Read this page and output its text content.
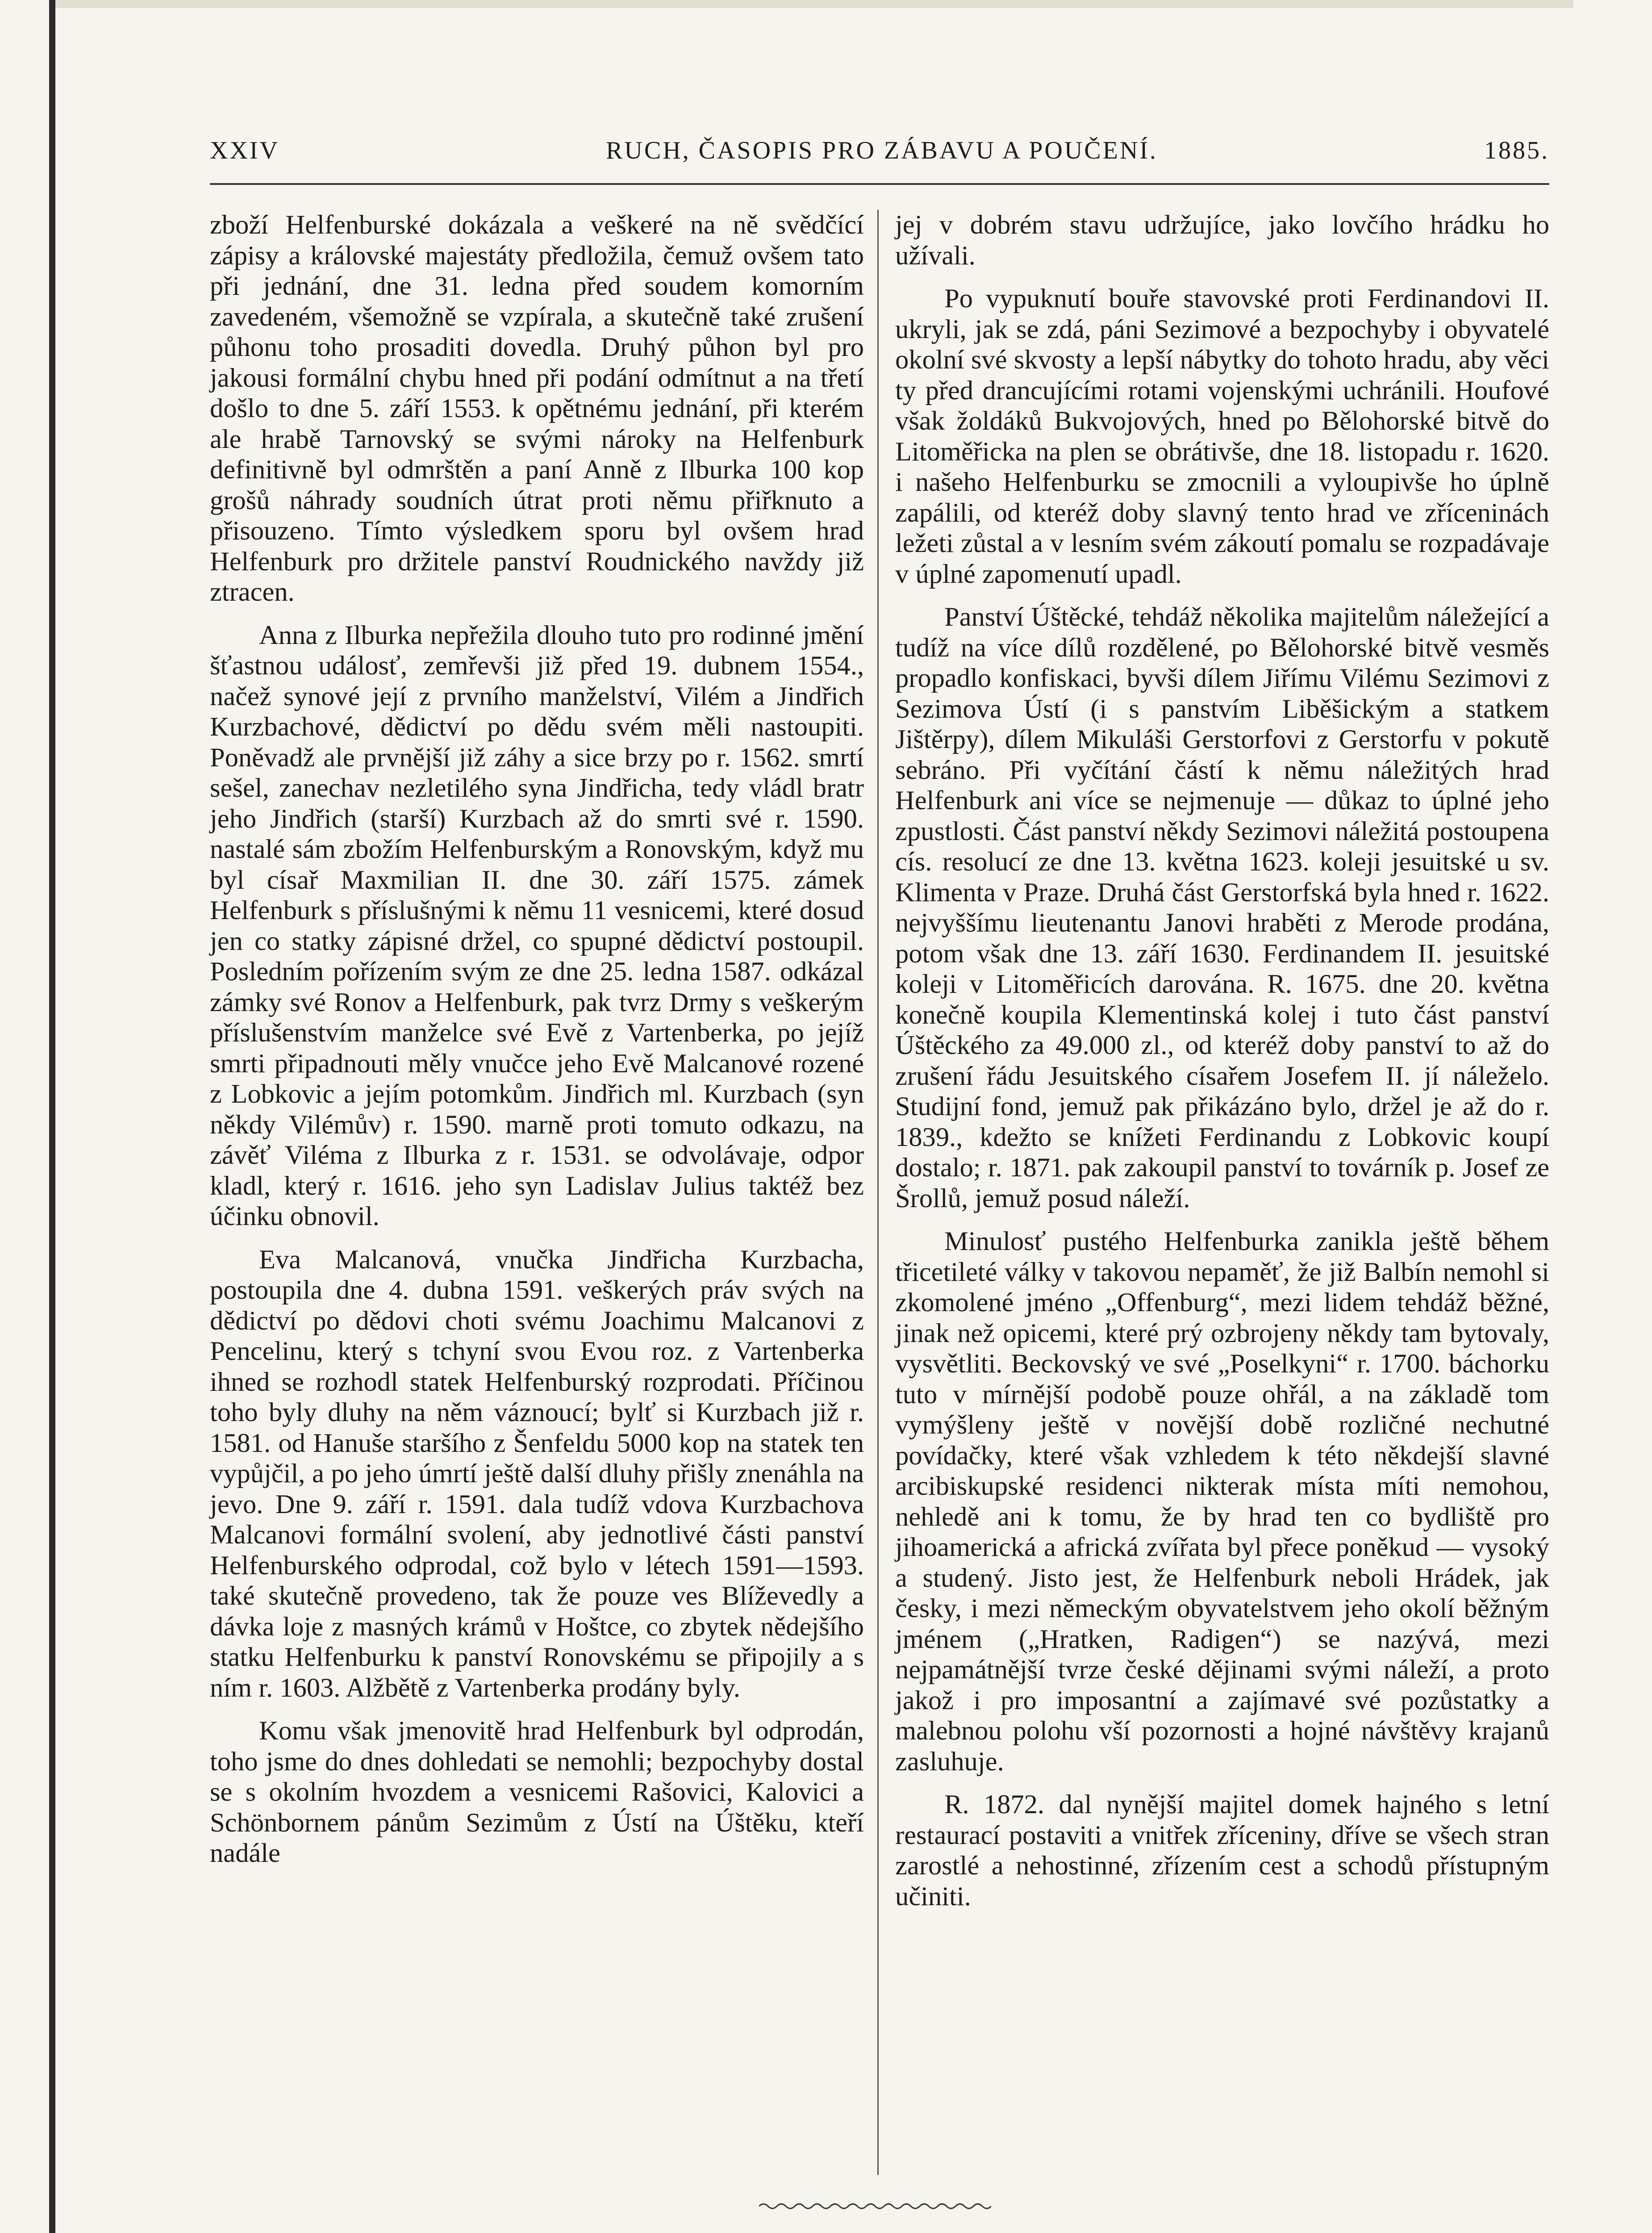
XXIV	RUCH, ČASOPIS PRO ZÁBAVU A POUČENÍ.	1885.

zboží Helfenburské dokázala a veškeré na ně svědčící zápisy a královské majestáty předložila, čemuž ovšem tato při jednání, dne 31. ledna před soudem komorním zavedeném, všemožně se vzpírala, a skutečně také zrušení půhonu toho prosaditi dovedla. Druhý půhon byl pro jakousi formální chybu hned při podání odmítnut a na třetí došlo to dne 5. září 1553. k opětnému jednání, při kterém ale hrabě Tarnovský se svými nároky na Helfenburk definitivně byl odmrštěn a paní Anně z Ilburka 100 kop grošů náhrady soudních útrat proti němu přiřknuto a přisouzeno. Tímto výsledkem sporu byl ovšem hrad Helfenburk pro držitele panství Roudnického navždy již ztracen.

Anna z Ilburka nepřežila dlouho tuto pro rodinné jmění šťastnou událosť, zemřevši již před 19. dubnem 1554., načež synové její z prvního manželství, Vilém a Jindřich Kurzbachové, dědictví po dědu svém měli nastoupiti. Poněvadž ale prvnější již záhy a sice brzy po r. 1562. smrtí sešel, zanechav nezletilého syna Jindřicha, tedy vládl bratr jeho Jindřich (starší) Kurzbach až do smrti své r. 1590. nastalé sám zbožím Helfenburským a Ronovským, když mu byl císař Maxmilian II. dne 30. září 1575. zámek Helfenburk s příslušnými k němu 11 vesnicemi, které dosud jen co statky zápisné držel, co spupné dědictví postoupil. Posledním pořízením svým ze dne 25. ledna 1587. odkázal zámky své Ronov a Helfenburk, pak tvrz Drmy s veškerým příslušenstvím manželce své Evě z Vartenberka, po jejíž smrti připadnouti měly vnučce jeho Evě Malcanové rozené z Lobkovic a jejím potomkům. Jindřich ml. Kurzbach (syn někdy Vilémův) r. 1590. marně proti tomuto odkazu, na závěť Viléma z Ilburka z r. 1531. se odvolávaje, odpor kladl, který r. 1616. jeho syn Ladislav Julius taktéž bez účinku obnovil.

Eva Malcanová, vnučka Jindřicha Kurzbacha, postoupila dne 4. dubna 1591. veškerých práv svých na dědictví po dědovi choti svému Joachimu Malcanovi z Pencelinu, který s tchyní svou Evou roz. z Vartenberka ihned se rozhodl statek Helfenburský rozprodati. Příčinou toho byly dluhy na něm váznoucí; bylť si Kurzbach již r. 1581. od Hanuše staršího z Šenfeldu 5000 kop na statek ten vypůjčil, a po jeho úmrtí ještě další dluhy přišly znenáhla na jevo. Dne 9. září r. 1591. dala tudíž vdova Kurzbachova Malcanovi formální svolení, aby jednotlivé části panství Helfenburského odprodal, což bylo v létech 1591—1593. také skutečně provedeno, tak že pouze ves Blíževedly a dávka loje z masných krámů v Hoštce, co zbytek nědejšího statku Helfenburku k panství Ronovskému se připojily a s ním r. 1603. Alžbětě z Vartenberka prodány byly.

Komu však jmenovitě hrad Helfenburk byl odprodán, toho jsme do dnes dohledati se nemohli; bezpochyby dostal se s okolním hvozdem a vesnicemi Rašovici, Kalovici a Schönbornem pánům Sezimům z Ústí na Úštěku, kteří nadále

jej v dobrém stavu udržujíce, jako lovčího hrádku ho užívali.

Po vypuknutí bouře stavovské proti Ferdinandovi II. ukryli, jak se zdá, páni Sezimové a bezpochyby i obyvatelé okolní své skvosty a lepší nábytky do tohoto hradu, aby věci ty před drancujícími rotami vojenskými uchránili. Houfové však žoldáků Bukvojových, hned po Bělohorské bitvě do Litoměřicka na plen se obrátivše, dne 18. listopadu r. 1620. i našeho Helfenburku se zmocnili a vyloupivše ho úplně zapálili, od kteréž doby slavný tento hrad ve zříceninách ležeti zůstal a v lesním svém zákoutí pomalu se rozpadávaje v úplné zapomenutí upadl.

Panství Úštěcké, tehdáž několika majitelům náležející a tudíž na více dílů rozdělené, po Bělohorské bitvě vesměs propadlo konfiskaci, byvši dílem Jiřímu Vilému Sezimovi z Sezimova Ústí (i s panstvím Liběšickým a statkem Jištěrpy), dílem Mikuláši Gerstorfovi z Gerstorfu v pokutě sebráno. Při vyčítání částí k němu náležitých hrad Helfenburk ani více se nejmenuje — důkaz to úplné jeho zpustlosti. Část panství někdy Sezimovi náležitá postoupena cís. resolucí ze dne 13. května 1623. koleji jesuitské u sv. Klimenta v Praze. Druhá část Gerstorfská byla hned r. 1622. nejvyššímu lieutenantu Janovi hraběti z Merode prodána, potom však dne 13. září 1630. Ferdinandem II. jesuitské koleji v Litoměřicích darována. R. 1675. dne 20. května konečně koupila Klementinská kolej i tuto část panství Úštěckého za 49.000 zl., od kteréž doby panství to až do zrušení řádu Jesuitského císařem Josefem II. jí náleželo. Studijní fond, jemuž pak přikázáno bylo, držel je až do r. 1839., kdežto se knížeti Ferdinandu z Lobkovic koupí dostalo; r. 1871. pak zakoupil panství to továrník p. Josef ze Šrollů, jemuž posud náleží.

Minulosť pustého Helfenburka zanikla ještě během třicetileté války v takovou nepaměť, že již Balbín nemohl si zkomolené jméno „Offenburg“, mezi lidem tehdáž běžné, jinak než opicemi, které prý ozbrojeny někdy tam bytovaly, vysvětliti. Beckovský ve své „Poselkyni“ r. 1700. báchorku tuto v mírnější podobě pouze ohřál, a na základě tom vymýšleny ještě v novější době rozličné nechutné povídačky, které však vzhledem k této někdejší slavné arcibiskupské residenci nikterak místa míti nemohou, nehledě ani k tomu, že by hrad ten co bydliště pro jihoamerická a africká zvířata byl přece poněkud — vysoký a studený. Jisto jest, že Helfenburk neboli Hrádek, jak česky, i mezi německým obyvatelstvem jeho okolí běžným jménem („Hratken, Radigen“) se nazývá, mezi nejpamátnější tvrze české dějinami svými náleží, a proto jakož i pro imposantní a zajímavé své pozůstatky a malebnou polohu vší pozornosti a hojné návštěvy krajanů zasluhuje.

R. 1872. dal nynější majitel domek hajného s letní restaurací postaviti a vnitřek zříceniny, dříve se všech stran zarostlé a nehostinné, zřízením cest a schodů přístupným učiniti.
